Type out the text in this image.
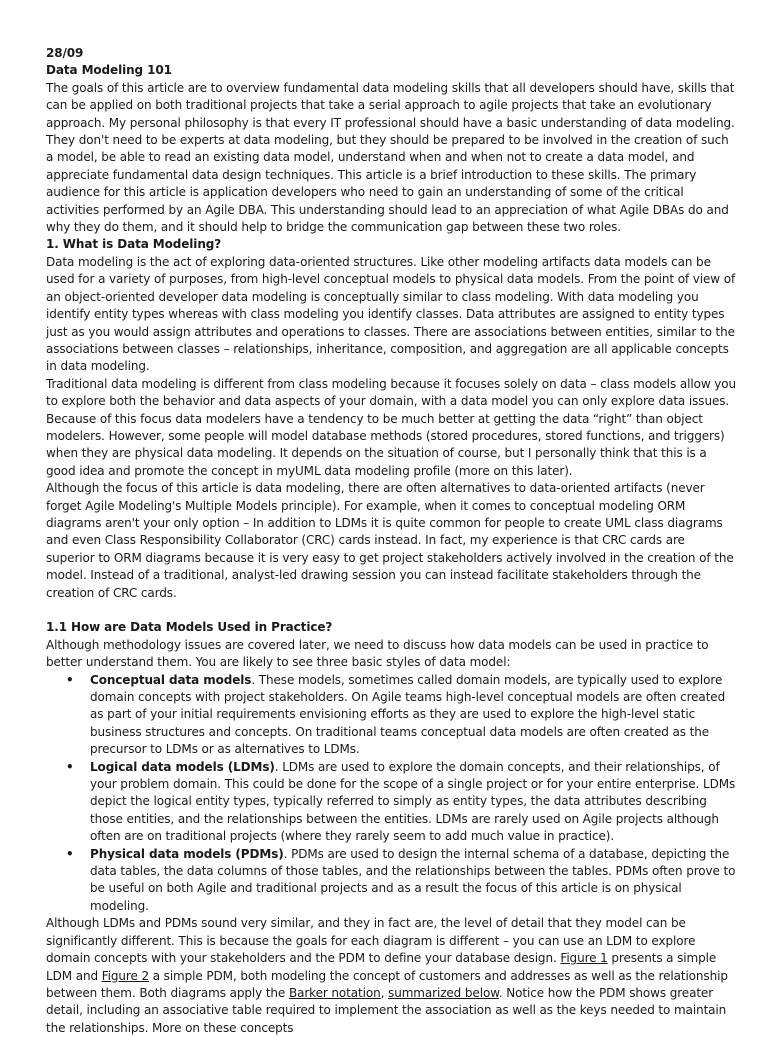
28/09

Data Modeling 101

The goals of this article are to overview fundamental data modeling skills that all developers should have, skills that can be applied on both traditional projects that take a serial approach to agile projects that take an evolutionary approach. My personal philosophy is that every IT professional should have a basic understanding of data modeling. They don't need to be experts at data modeling, but they should be prepared to be involved in the creation of such a model, be able to read an existing data model, understand when and when not to create a data model, and appreciate fundamental data design techniques. This article is a brief introduction to these skills. The primary audience for this article is application developers who need to gain an understanding of some of the critical activities performed by an Agile DBA. This understanding should lead to an appreciation of what Agile DBAs do and why they do them, and it should help to bridge the communication gap between these two roles.

1. What is Data Modeling?

Data modeling is the act of exploring data-oriented structures. Like other modeling artifacts data models can be used for a variety of purposes, from high-level conceptual models to physical data models. From the point of view of an object-oriented developer data modeling is conceptually similar to class modeling. With data modeling you identify entity types whereas with class modeling you identify classes. Data attributes are assigned to entity types just as you would assign attributes and operations to classes. There are associations between entities, similar to the associations between classes – relationships, inheritance, composition, and aggregation are all applicable concepts in data modeling.

Traditional data modeling is different from class modeling because it focuses solely on data – class models allow you to explore both the behavior and data aspects of your domain, with a data model you can only explore data issues. Because of this focus data modelers have a tendency to be much better at getting the data “right” than object modelers. However, some people will model database methods (stored procedures, stored functions, and triggers) when they are physical data modeling. It depends on the situation of course, but I personally think that this is a good idea and promote the concept in myUML data modeling profile (more on this later).

Although the focus of this article is data modeling, there are often alternatives to data-oriented artifacts (never forget Agile Modeling's Multiple Models principle). For example, when it comes to conceptual modeling ORM diagrams aren't your only option – In addition to LDMs it is quite common for people to create UML class diagrams and even Class Responsibility Collaborator (CRC) cards instead. In fact, my experience is that CRC cards are superior to ORM diagrams because it is very easy to get project stakeholders actively involved in the creation of the model. Instead of a traditional, analyst-led drawing session you can instead facilitate stakeholders through the creation of CRC cards.

1.1 How are Data Models Used in Practice?

Although methodology issues are covered later, we need to discuss how data models can be used in practice to better understand them. You are likely to see three basic styles of data model:

• Conceptual data models. These models, sometimes called domain models, are typically used to explore domain concepts with project stakeholders. On Agile teams high-level conceptual models are often created as part of your initial requirements envisioning efforts as they are used to explore the high-level static business structures and concepts. On traditional teams conceptual data models are often created as the precursor to LDMs or as alternatives to LDMs.
• Logical data models (LDMs). LDMs are used to explore the domain concepts, and their relationships, of your problem domain. This could be done for the scope of a single project or for your entire enterprise. LDMs depict the logical entity types, typically referred to simply as entity types, the data attributes describing those entities, and the relationships between the entities. LDMs are rarely used on Agile projects although often are on traditional projects (where they rarely seem to add much value in practice).
• Physical data models (PDMs). PDMs are used to design the internal schema of a database, depicting the data tables, the data columns of those tables, and the relationships between the tables. PDMs often prove to be useful on both Agile and traditional projects and as a result the focus of this article is on physical modeling.

Although LDMs and PDMs sound very similar, and they in fact are, the level of detail that they model can be significantly different. This is because the goals for each diagram is different – you can use an LDM to explore domain concepts with your stakeholders and the PDM to define your database design. Figure 1 presents a simple LDM and Figure 2 a simple PDM, both modeling the concept of customers and addresses as well as the relationship between them. Both diagrams apply the Barker notation, summarized below. Notice how the PDM shows greater detail, including an associative table required to implement the association as well as the keys needed to maintain the relationships. More on these concepts
